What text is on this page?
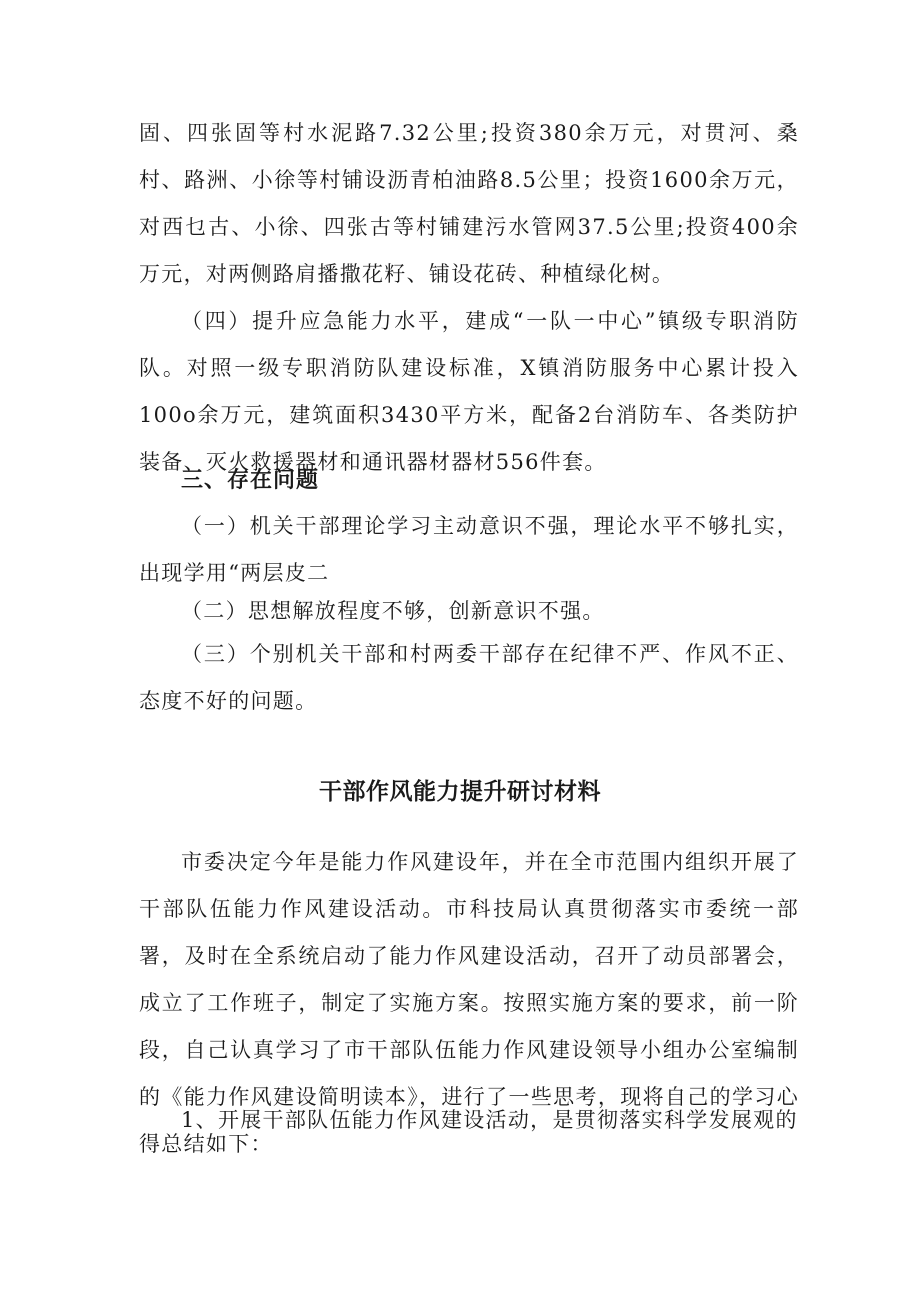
固、四张固等村水泥路7.32公里;投资380余万元，对贯河、桑村、路洲、小徐等村铺设沥青柏油路8.5公里；投资1600余万元，对西乜古、小徐、四张古等村铺建污水管网37.5公里;投资400余万元，对两侧路肩播撒花籽、铺设花砖、种植绿化树。

（四）提升应急能力水平，建成“一队一中心”镇级专职消防队。对照一级专职消防队建设标准，X镇消防服务中心累计投入100o余万元，建筑面积3430平方米，配备2台消防车、各类防护装备、灭火救援器材和通讯器材器材556件套。

三、存在问题

（一）机关干部理论学习主动意识不强，理论水平不够扎实，出现学用“两层皮二

（二）思想解放程度不够，创新意识不强。

（三）个别机关干部和村两委干部存在纪律不严、作风不正、态度不好的问题。

干部作风能力提升研讨材料

市委决定今年是能力作风建设年，并在全市范围内组织开展了干部队伍能力作风建设活动。市科技局认真贯彻落实市委统一部署，及时在全系统启动了能力作风建设活动，召开了动员部署会，成立了工作班子，制定了实施方案。按照实施方案的要求，前一阶段，自己认真学习了市干部队伍能力作风建设领导小组办公室编制的《能力作风建设简明读本》，进行了一些思考，现将自己的学习心得总结如下：

1、开展干部队伍能力作风建设活动，是贯彻落实科学发展观的
